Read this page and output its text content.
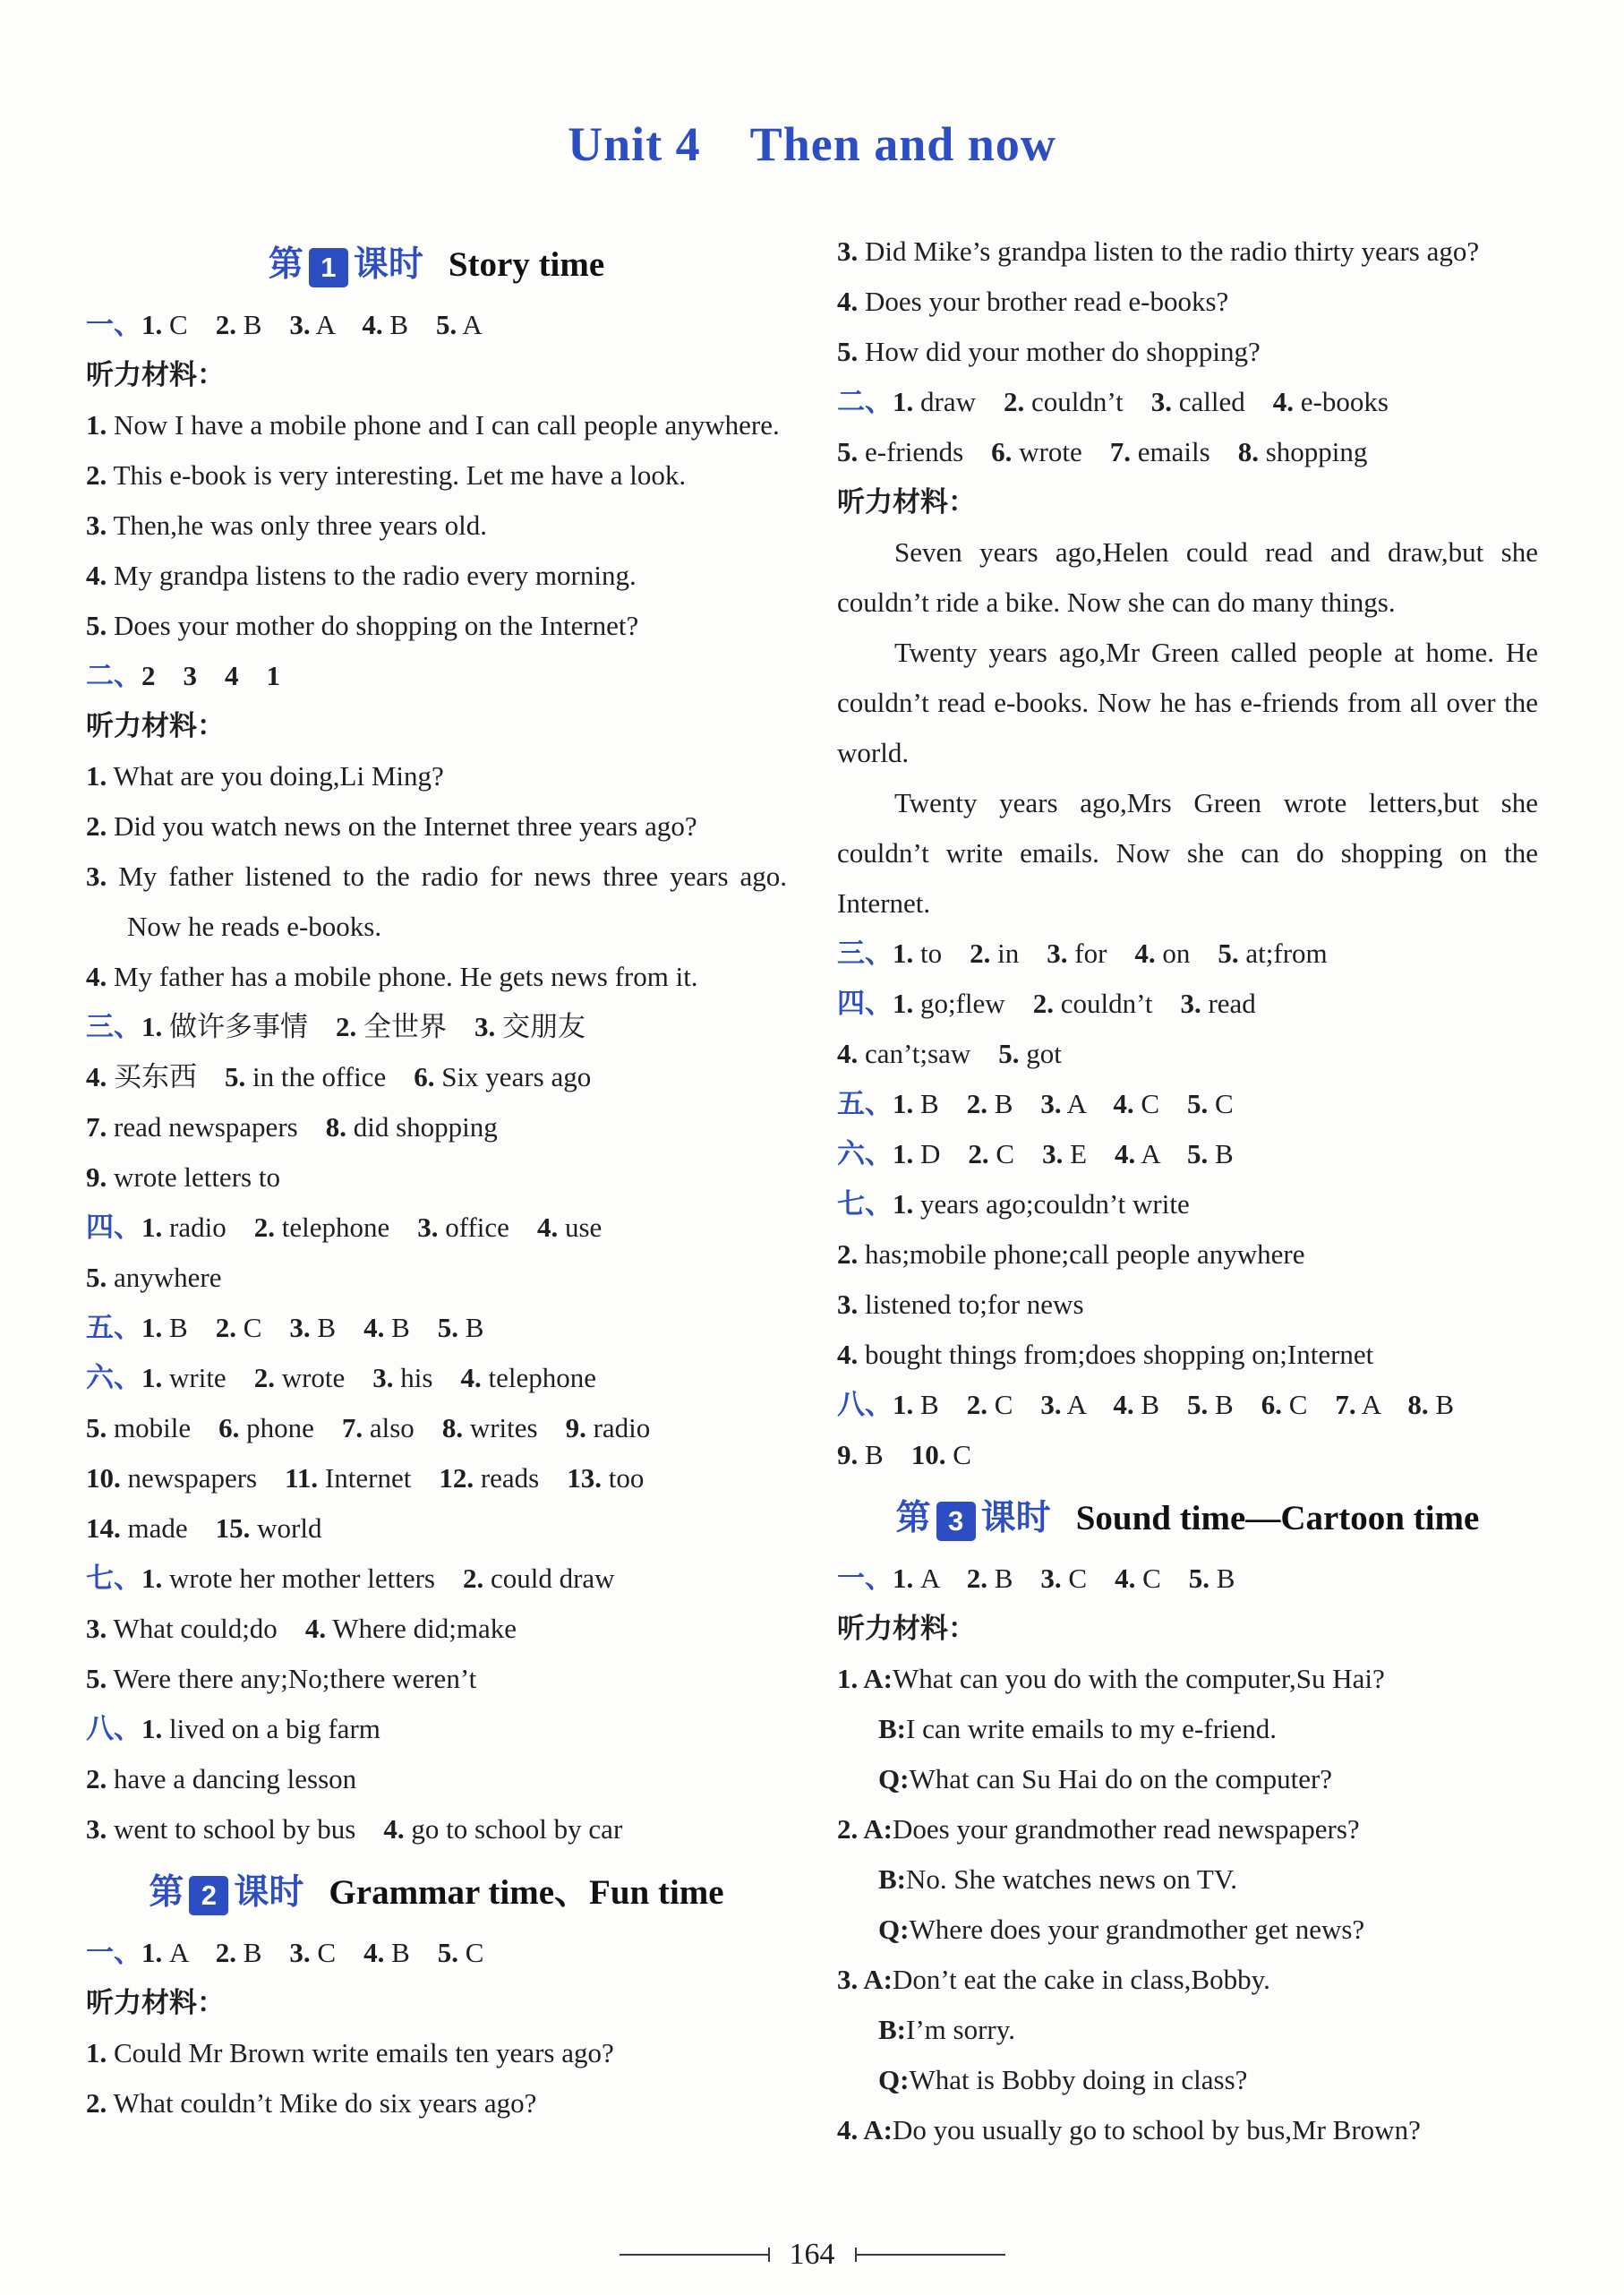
Unit 4　Then and now
第 1 课时 Story time
一、1. C　2. B　3. A　4. B　5. A
听力材料：
1. Now I have a mobile phone and I can call people anywhere.
2. This e-book is very interesting. Let me have a look.
3. Then,he was only three years old.
4. My grandpa listens to the radio every morning.
5. Does your mother do shopping on the Internet?
二、2　 3　 4　 1
听力材料：
1. What are you doing,Li Ming?
2. Did you watch news on the Internet three years ago?
3. My father listened to the radio for news three years ago. Now he reads e-books.
4. My father has a mobile phone. He gets news from it.
三、1. 做许多事情　2. 全世界　3. 交朋友
4. 买东西　5. in the office　6. Six years ago
7. read newspapers　8. did shopping
9. wrote letters to
四、1. radio　2. telephone　3. office　4. use
5. anywhere
五、1. B　2. C　3. B　4. B　5. B
六、1. write　2. wrote　3. his　4. telephone
5. mobile　6. phone　7. also　8. writes　9. radio
10. newspapers　11. Internet　12. reads　13. too
14. made　15. world
七、1. wrote her mother letters　2. could draw
3. What could;do　4. Where did;make
5. Were there any;No;there weren’t
八、1. lived on a big farm
2. have a dancing lesson
3. went to school by bus　4. go to school by car
第 2 课时 Grammar time、Fun time
一、1. A　2. B　3. C　4. B　5. C
听力材料：
1. Could Mr Brown write emails ten years ago?
2. What couldn’t Mike do six years ago?
3. Did Mike’s grandpa listen to the radio thirty years ago?
4. Does your brother read e-books?
5. How did your mother do shopping?
二、1. draw　2. couldn’t　3. called　4. e-books
5. e-friends　6. wrote　7. emails　8. shopping
听力材料：
Seven years ago,Helen could read and draw,but she couldn’t ride a bike. Now she can do many things.
Twenty years ago,Mr Green called people at home. He couldn’t read e-books. Now he has e-friends from all over the world.
Twenty years ago,Mrs Green wrote letters,but she couldn’t write emails. Now she can do shopping on the Internet.
三、1. to　2. in　3. for　4. on　5. at;from
四、1. go;flew　2. couldn’t　3. read
4. can’t;saw　5. got
五、1. B　2. B　3. A　4. C　5. C
六、1. D　2. C　3. E　4. A　5. B
七、1. years ago;couldn’t write
2. has;mobile phone;call people anywhere
3. listened to;for news
4. bought things from;does shopping on;Internet
八、1. B　2. C　3. A　4. B　5. B　6. C　7. A　8. B
9. B　10. C
第 3 课时 Sound time—Cartoon time
一、1. A　2. B　3. C　4. C　5. B
听力材料：
1. A:What can you do with the computer,Su Hai?
B:I can write emails to my e-friend.
Q:What can Su Hai do on the computer?
2. A:Does your grandmother read newspapers?
B:No. She watches news on TV.
Q:Where does your grandmother get news?
3. A:Don’t eat the cake in class,Bobby.
B:I’m sorry.
Q:What is Bobby doing in class?
4. A:Do you usually go to school by bus,Mr Brown?
164
